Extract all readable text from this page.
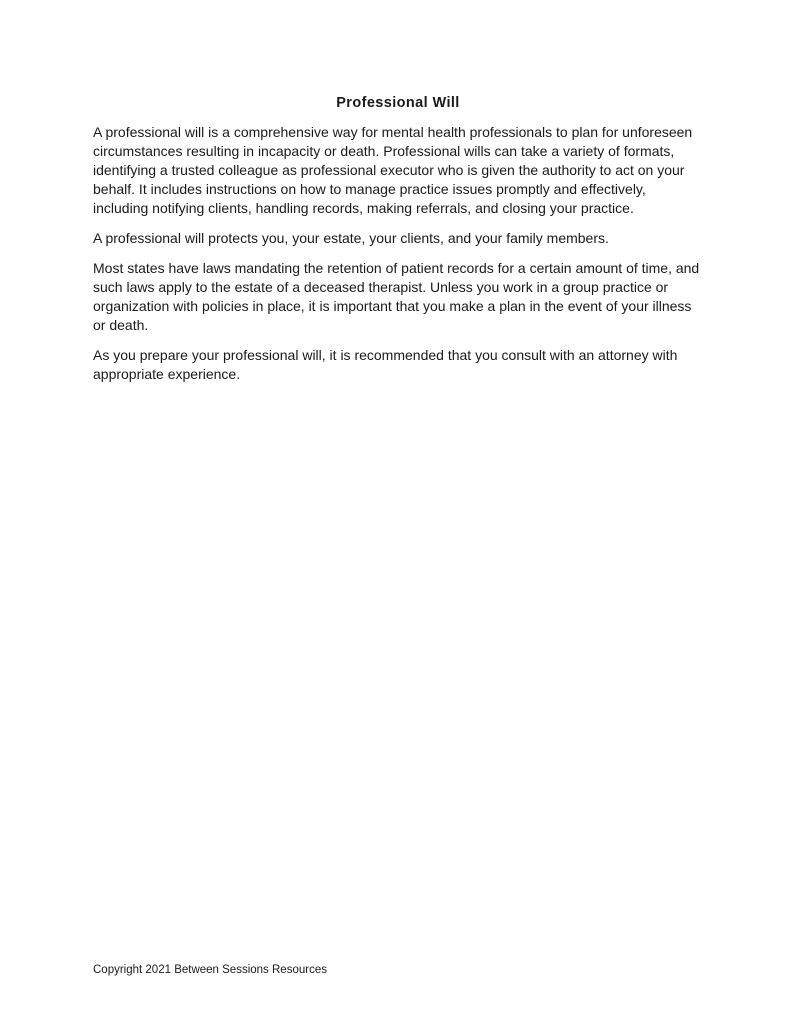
Professional Will

A professional will is a comprehensive way for mental health professionals to plan for unforeseen circumstances resulting in incapacity or death. Professional wills can take a variety of formats, identifying a trusted colleague as professional executor who is given the authority to act on your behalf. It includes instructions on how to manage practice issues promptly and effectively, including notifying clients, handling records, making referrals, and closing your practice.

A professional will protects you, your estate, your clients, and your family members.

Most states have laws mandating the retention of patient records for a certain amount of time, and such laws apply to the estate of a deceased therapist. Unless you work in a group practice or organization with policies in place, it is important that you make a plan in the event of your illness or death.

As you prepare your professional will, it is recommended that you consult with an attorney with appropriate experience.

Copyright 2021 Between Sessions Resources
